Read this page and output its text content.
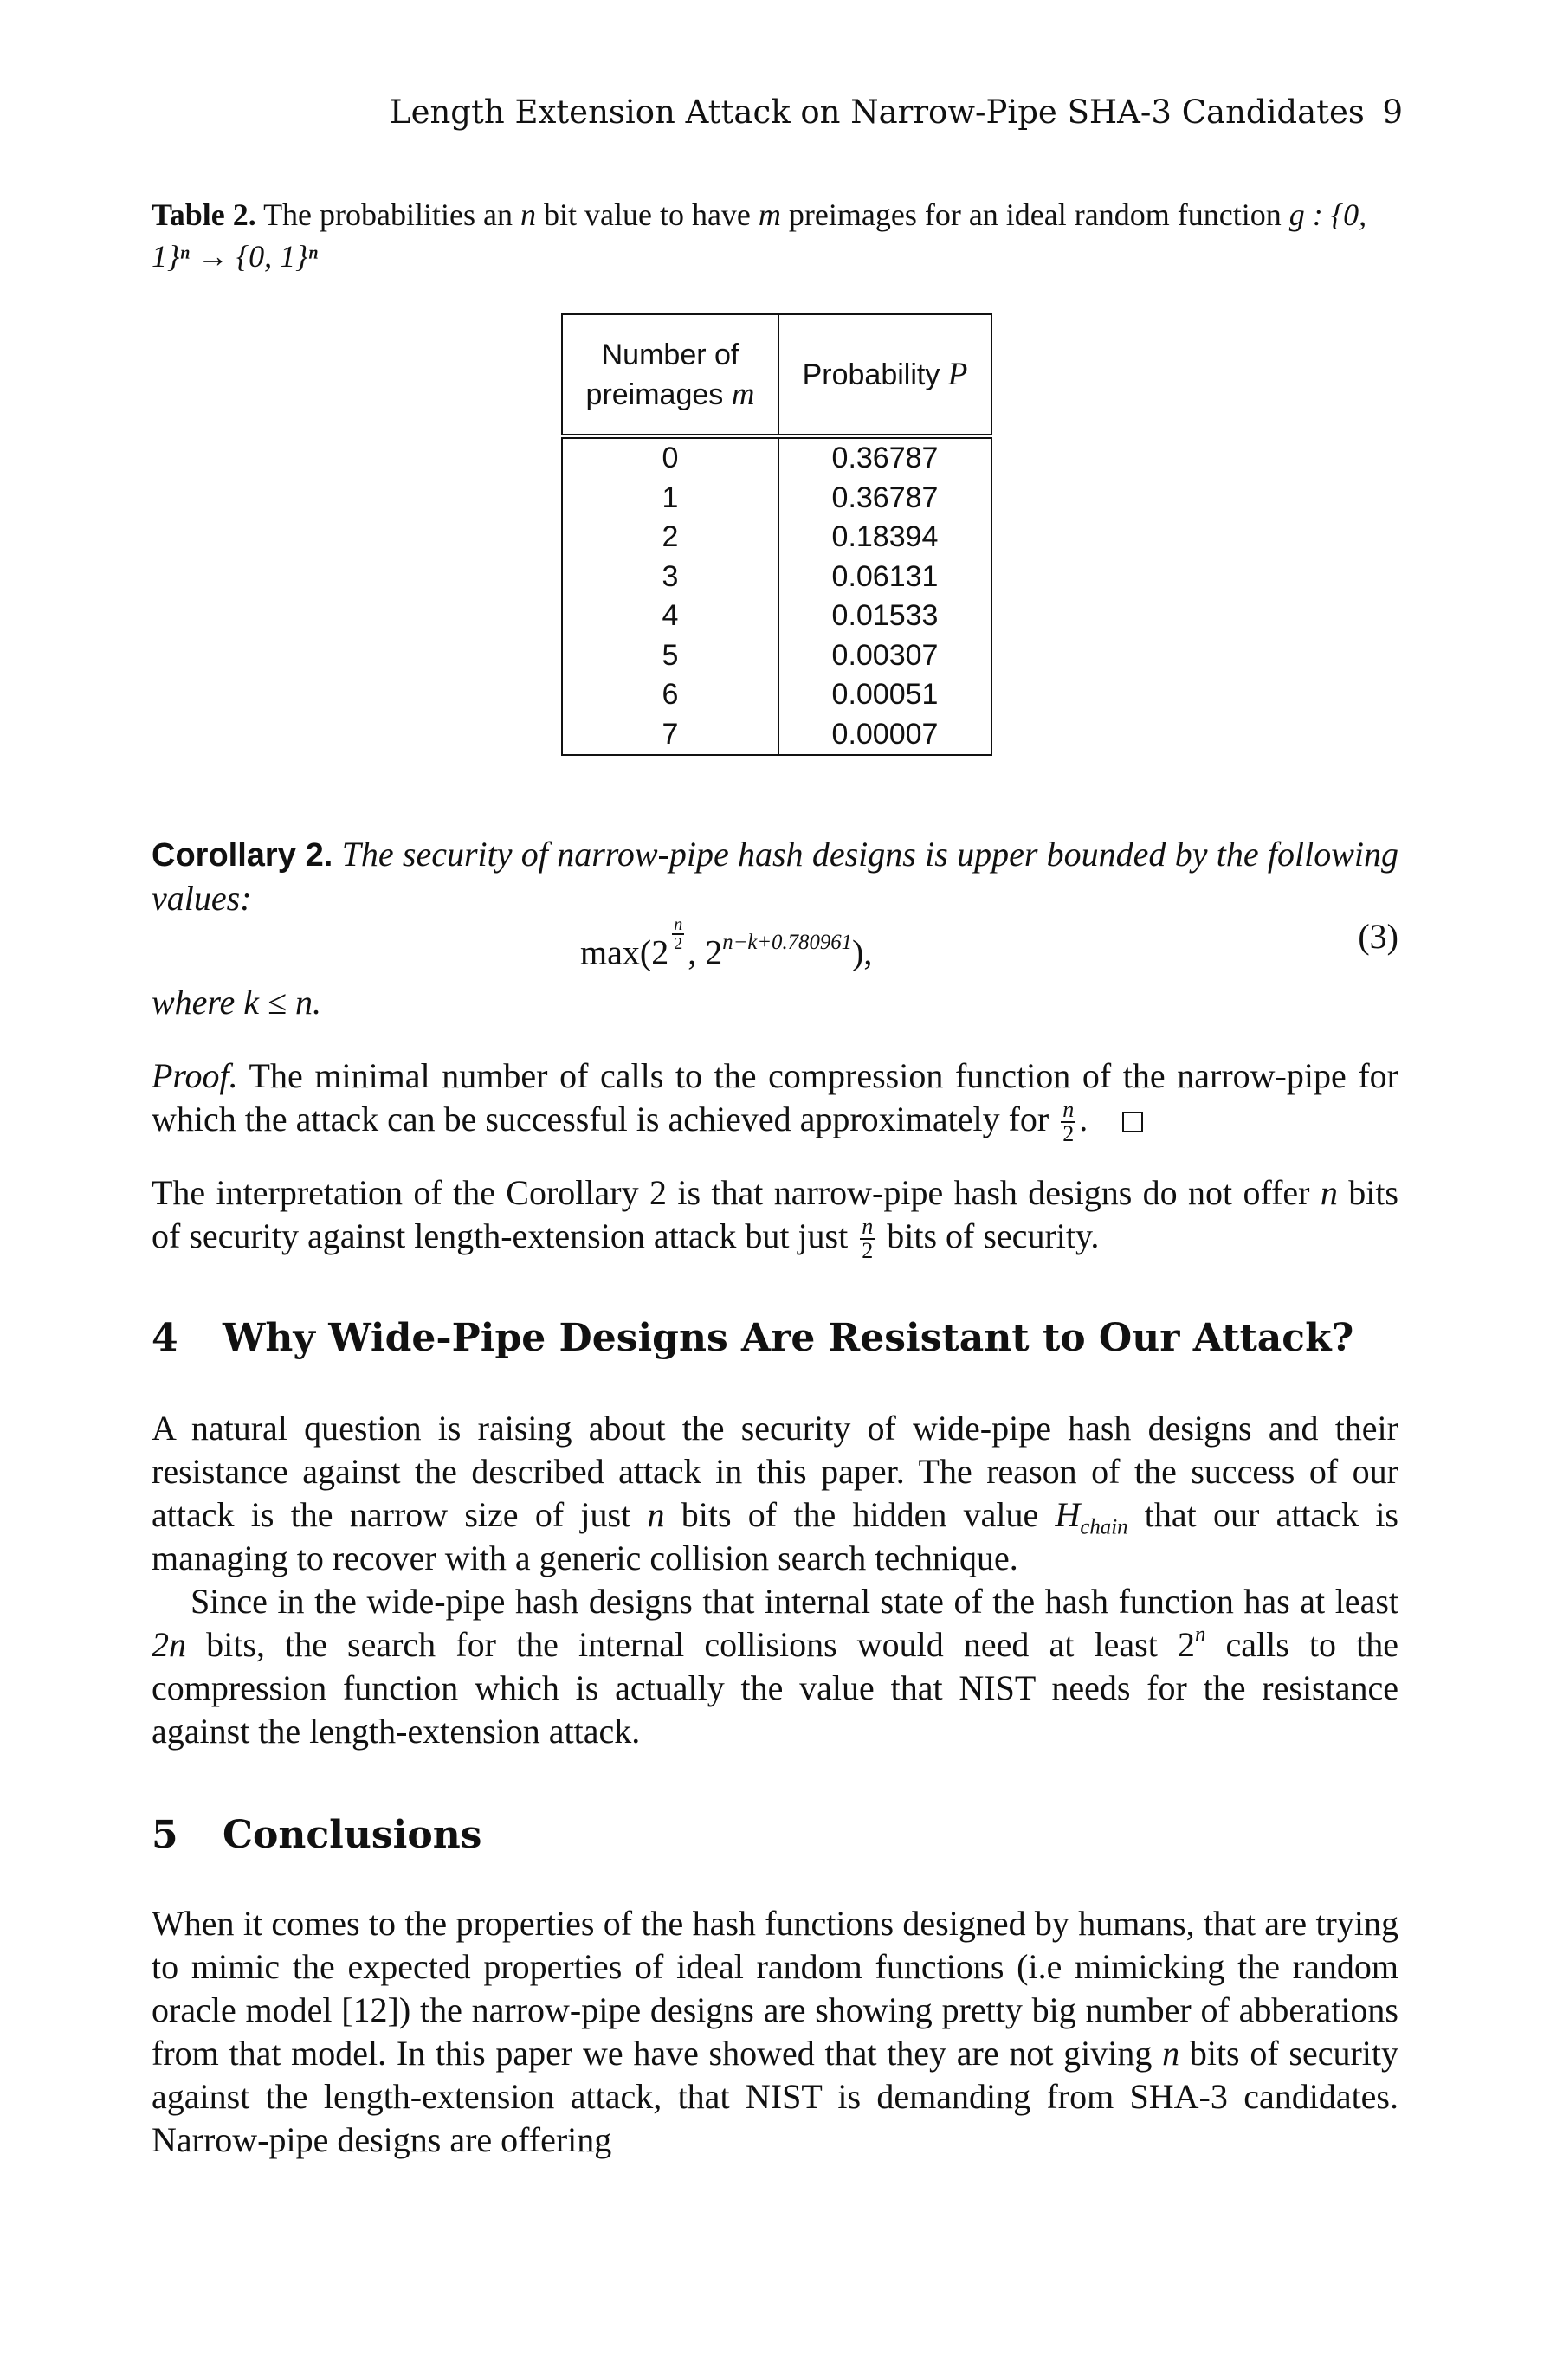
Length Extension Attack on Narrow-Pipe SHA-3 Candidates 9
Table 2. The probabilities an n bit value to have m preimages for an ideal random function g : {0, 1}ⁿ → {0, 1}ⁿ
Number of
preimages m	Probability P
0	0.36787
1	0.36787
2	0.18394
3	0.06131
4	0.01533
5	0.00307
6	0.00051
7	0.00007

Corollary 2. The security of narrow-pipe hash designs is upper bounded by the following values:

max(2 $^{\frac{n}{2}}$ , $2^{n-k+0.780961}$),	(3)
where k ≤ n.

Proof. The minimal number of calls to the compression function of the narrow-pipe for which the attack can be successful is achieved approximately for $\frac{n}{2}$ .

The interpretation of the Corollary 2 is that narrow-pipe hash designs do not offer n bits of security against length-extension attack but just $\frac{n}{2}$ bits of security.

4 Why Wide-Pipe Designs Are Resistant to Our Attack?

A natural question is raising about the security of wide-pipe hash designs and their resistance against the described attack in this paper. The reason of the success of our attack is the narrow size of just n bits of the hidden value $H_{chain}$ that our attack is managing to recover with a generic collision search technique.

Since in the wide-pipe hash designs that internal state of the hash function has at least 2n bits, the search for the internal collisions would need at least 2$^n$ calls to the compression function which is actually the value that NIST needs for the resistance against the length-extension attack.

5 Conclusions

When it comes to the properties of the hash functions designed by humans, that are trying to mimic the expected properties of ideal random functions (i.e mimicking the random oracle model [12]) the narrow-pipe designs are showing pretty big number of abberations from that model. In this paper we have showed that they are not giving n bits of security against the length-extension attack, that NIST is demanding from SHA-3 candidates. Narrow-pipe designs are offering
